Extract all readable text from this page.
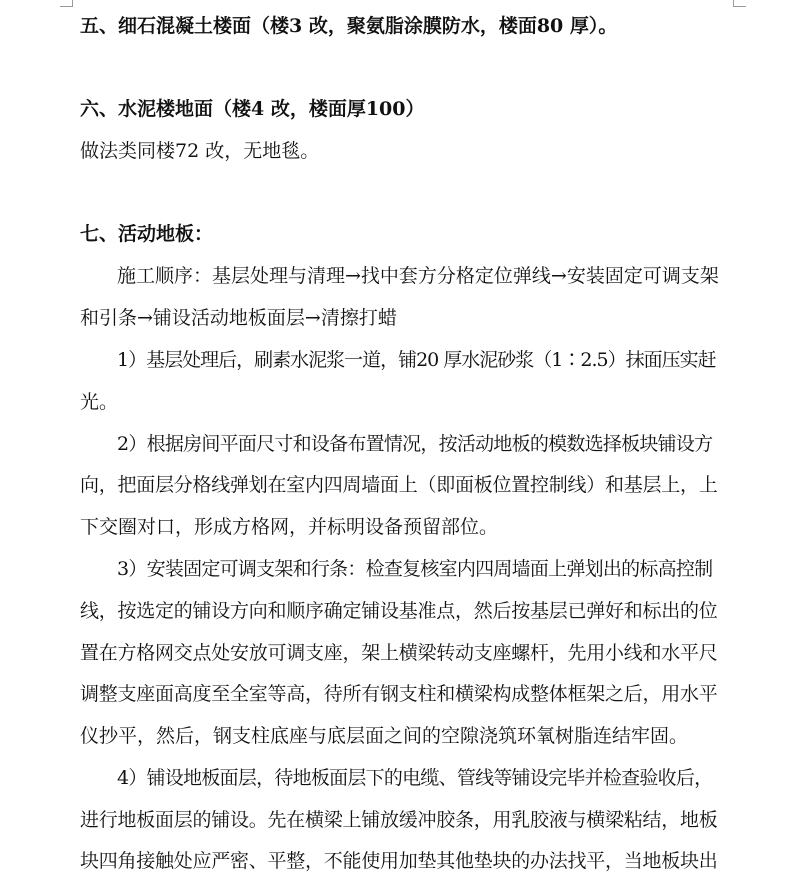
五、细石混凝土楼面（楼3 改，聚氨脂涂膜防水，楼面80 厚）。
六、水泥楼地面（楼4 改，楼面厚100）
做法类同楼72 改，无地毯。
七、活动地板：
施工顺序：基层处理与清理→找中套方分格定位弹线→安装固定可调支架
和引条→铺设活动地板面层→清擦打蜡
1）基层处理后，刷素水泥浆一道，铺20 厚水泥砂浆（1∶2.5）抹面压实赶
光。
2）根据房间平面尺寸和设备布置情况，按活动地板的模数选择板块铺设方
向，把面层分格线弹划在室内四周墙面上（即面板位置控制线）和基层上，上
下交圈对口，形成方格网，并标明设备预留部位。
3）安装固定可调支架和行条：检查复核室内四周墙面上弹划出的标高控制
线，按选定的铺设方向和顺序确定铺设基准点，然后按基层已弹好和标出的位
置在方格网交点处安放可调支座，架上横梁转动支座螺杆，先用小线和水平尺
调整支座面高度至全室等高，待所有钢支柱和横梁构成整体框架之后，用水平
仪抄平，然后，钢支柱底座与底层面之间的空隙浇筑环氧树脂连结牢固。
4）铺设地板面层，待地板面层下的电缆、管线等铺设完毕并检查验收后，
进行地板面层的铺设。先在横梁上铺放缓冲胶条，用乳胶液与横梁粘结，地板
块四角接触处应严密、平整，不能使用加垫其他垫块的办法找平，当地板块出
